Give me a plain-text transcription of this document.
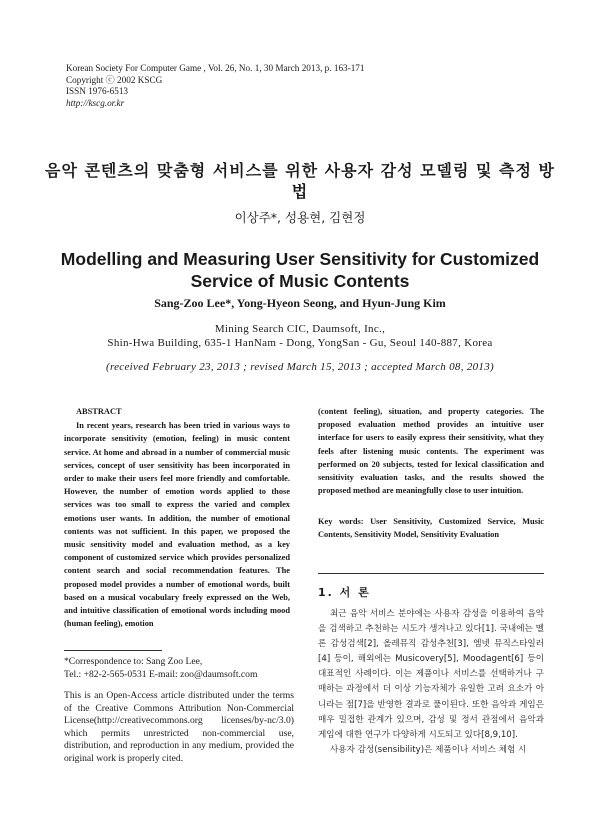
Korean Society For Computer Game , Vol. 26, No. 1, 30 March 2013, p. 163-171
Copyright ⓒ 2002 KSCG
ISSN 1976-6513
http://kscg.or.kr
음악 콘텐츠의 맞춤형 서비스를 위한 사용자 감성 모델링 및 측정 방법
이상주*, 성용현, 김현정
Modelling and Measuring User Sensitivity for Customized Service of Music Contents
Sang-Zoo Lee*, Yong-Hyeon Seong, and Hyun-Jung Kim
Mining Search CIC, Daumsoft, Inc.,
Shin-Hwa Building, 635-1 HanNam - Dong, YongSan - Gu, Seoul 140-887, Korea
(received February 23, 2013 ; revised March 15, 2013 ; accepted March 08, 2013)
ABSTRACT

In recent years, research has been tried in various ways to incorporate sensitivity (emotion, feeling) in music content service. At home and abroad in a number of commercial music services, concept of user sensitivity has been incorporated in order to make their users feel more friendly and comfortable. However, the number of emotion words applied to those services was too small to express the varied and complex emotions user wants. In addition, the number of emotional contents was not sufficient. In this paper, we proposed the music sensitivity model and evaluation method, as a key component of customized service which provides personalized content search and social recommendation features. The proposed model provides a number of emotional words, built based on a musical vocabulary freely expressed on the Web, and intuitive classification of emotional words including mood (human feeling), emotion

(content feeling), situation, and property categories. The proposed evaluation method provides an intuitive user interface for users to easily express their sensitivity, what they feels after listening music contents. The experiment was performed on 20 subjects, tested for lexical classification and sensitivity evaluation tasks, and the results showed the proposed method are meaningfully close to user intuition.

Key words: User Sensitivity, Customized Service, Music Contents, Sensitivity Model, Sensitivity Evaluation
*Correspondence to: Sang Zoo Lee,
Tel.: +82-2-565-0531 E-mail: zoo@daumsoft.com
This is an Open-Access article distributed under the terms of the Creative Commons Attribution Non-Commercial License(http://creativecommons.org licenses/by-nc/3.0) which permits unrestricted non-commercial use, distribution, and reproduction in any medium, provided the original work is properly cited.
1. 서 론

최근 음악 서비스 분야에는 사용자 감성을 이용하여 음악을 검색하고 추천하는 시도가 생겨나고 있다[1]. 국내에는 멜론 감성검색[2], 올레뮤직 감성추천[3], 엠넷 뮤직스타일러[4] 등이, 해외에는 Musicovery[5], Moodagent[6] 등이 대표적인 사례이다. 이는 제품이나 서비스를 선택하거나 구매하는 과정에서 더 이상 기능자체가 유일한 고려 요소가 아니라는 점[7]을 반영한 결과로 풀이된다. 또한 음악과 게임은 매우 밀접한 관계가 있으며, 감성 및 정서 관점에서 음악과 게임에 대한 연구가 다양하게 시도되고 있다[8,9,10].

사용자 감성(sensibility)은 제품이나 서비스 체험 시
